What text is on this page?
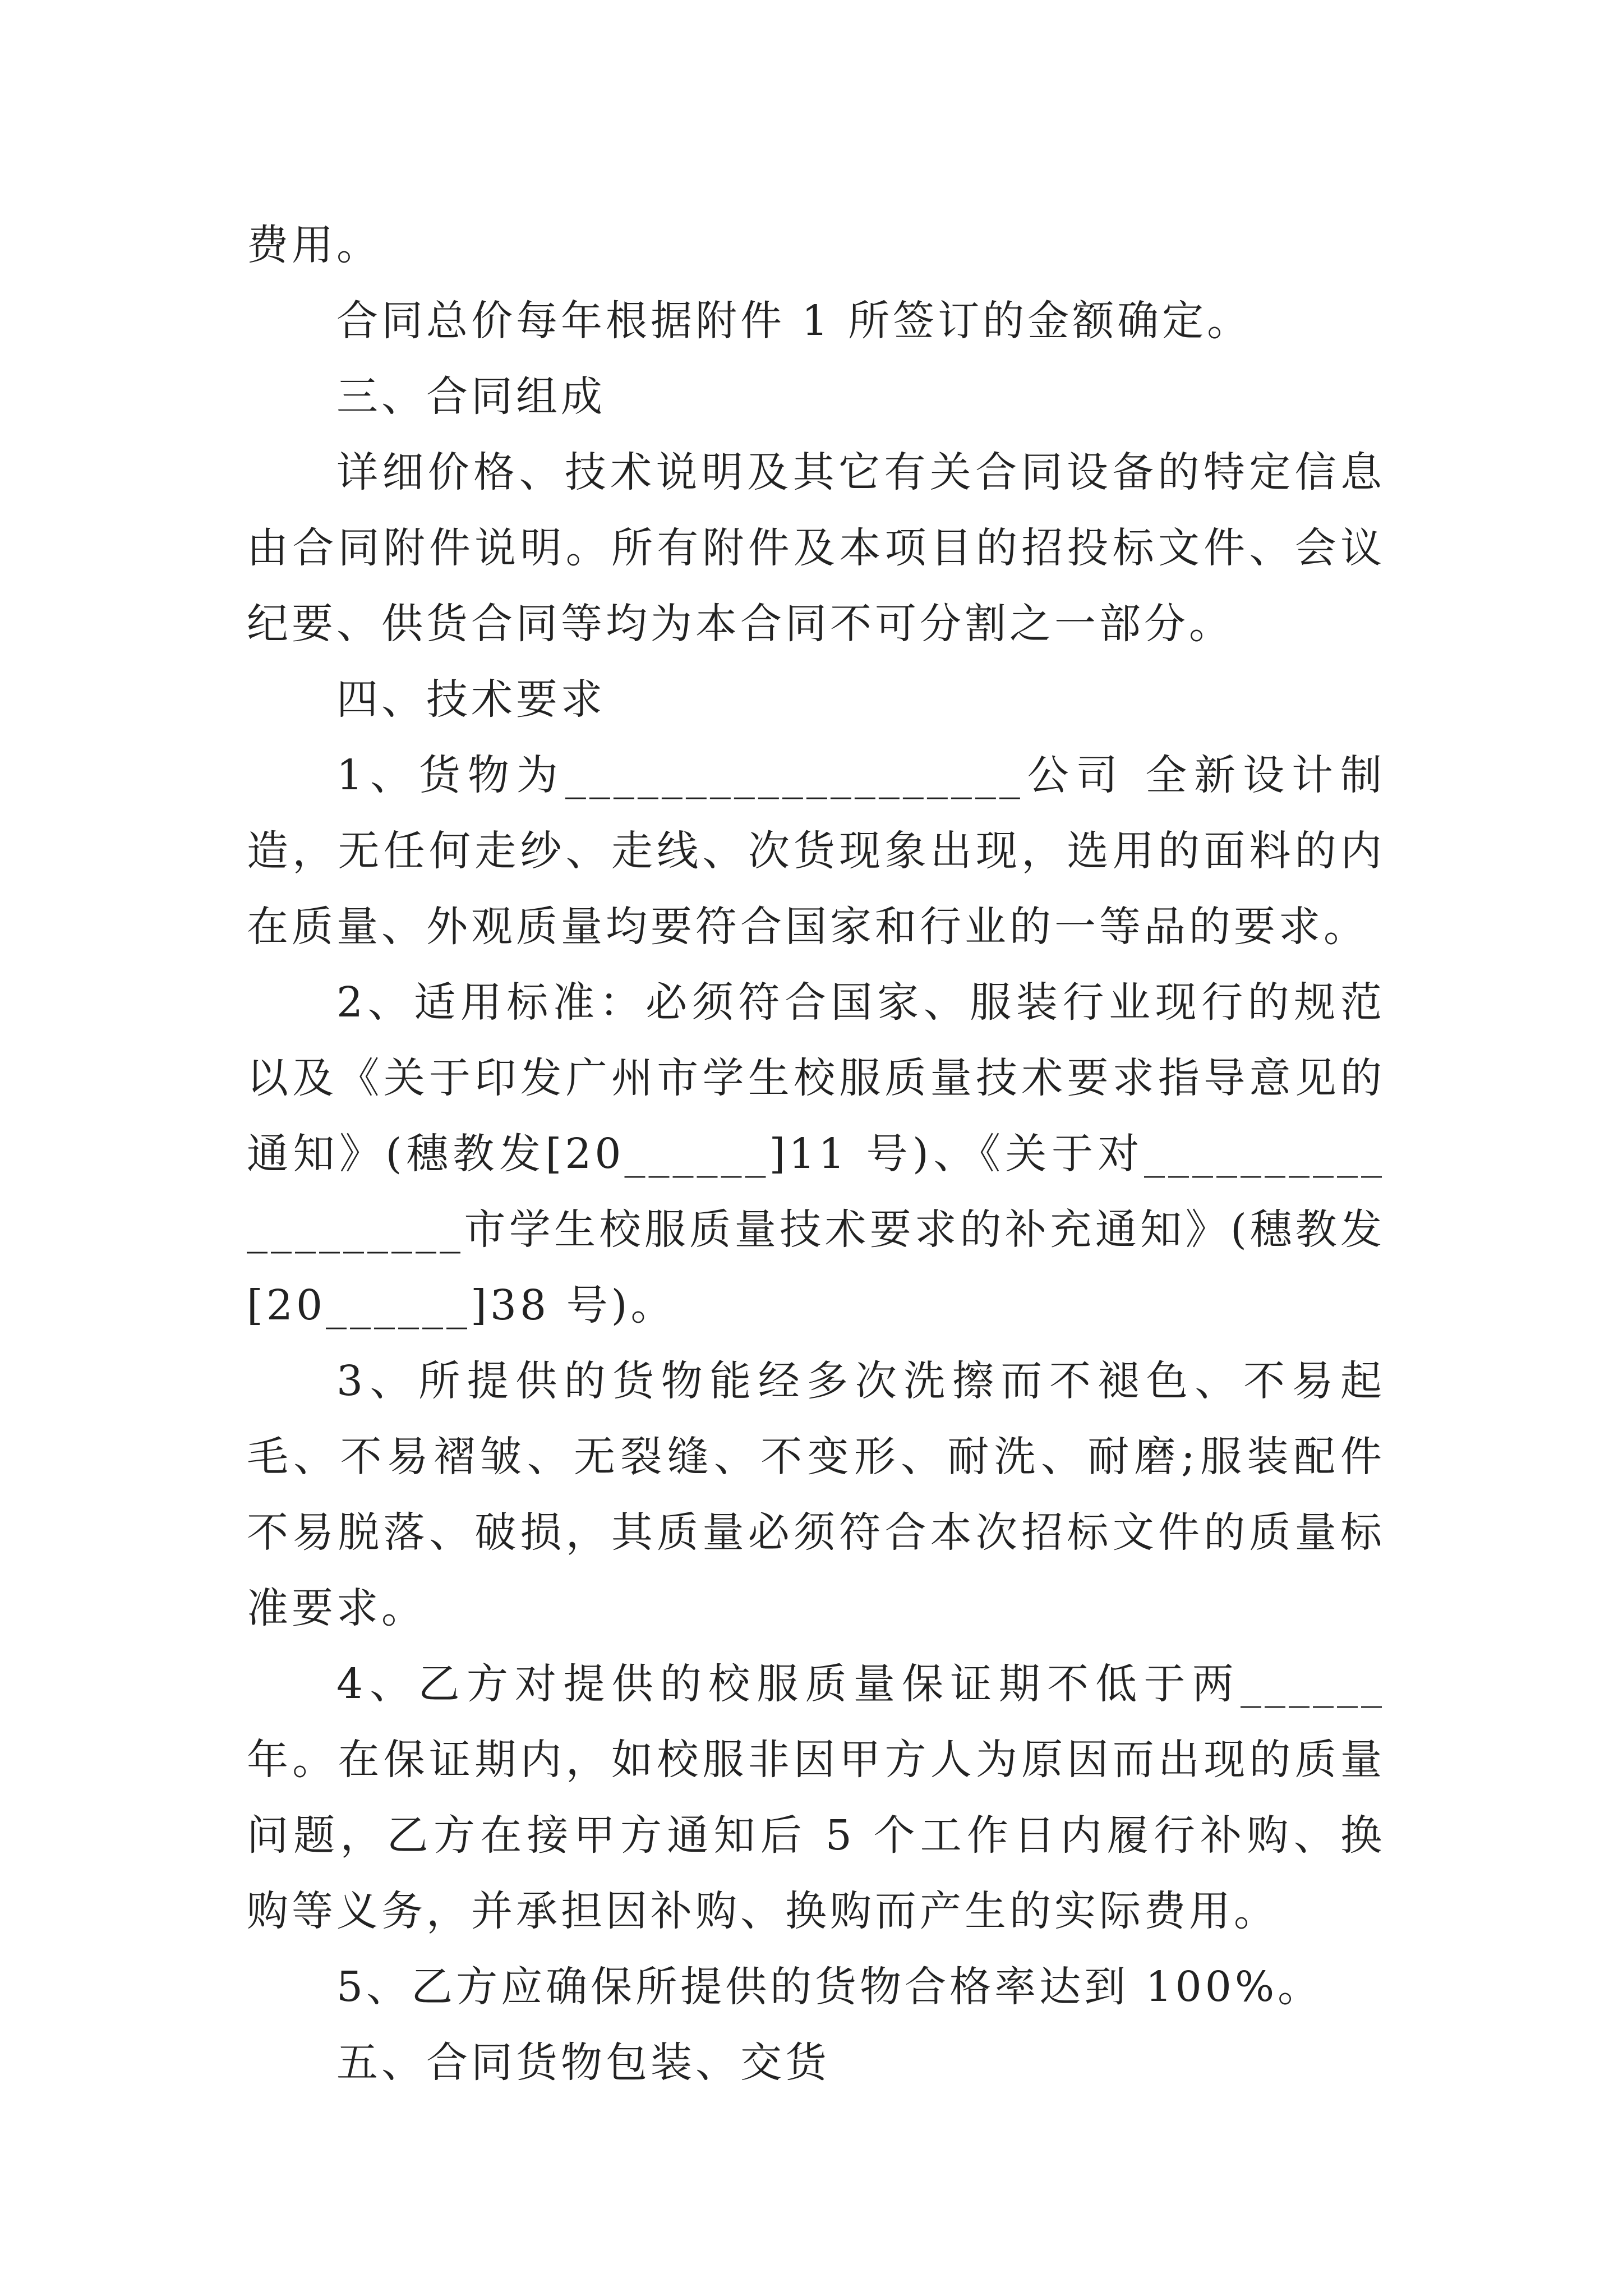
费用。

合同总价每年根据附件 1 所签订的金额确定。

三、合同组成

详细价格、技术说明及其它有关合同设备的特定信息由合同附件说明。所有附件及本项目的招投标文件、会议纪要、供货合同等均为本合同不可分割之一部分。

四、技术要求

1、货物为___________________公司 全新设计制造，无任何走纱、走线、次货现象出现，选用的面料的内在质量、外观质量均要符合国家和行业的一等品的要求。

2、适用标准：必须符合国家、服装行业现行的规范以及《关于印发广州市学生校服质量技术要求指导意见的通知》(穗教发[20______]11 号)、《关于对___________________市学生校服质量技术要求的补充通知》(穗教发[20______]38 号)。

3、所提供的货物能经多次洗擦而不褪色、不易起毛、不易褶皱、无裂缝、不变形、耐洗、耐磨;服装配件不易脱落、破损，其质量必须符合本次招标文件的质量标准要求。

4、乙方对提供的校服质量保证期不低于两______年。在保证期内，如校服非因甲方人为原因而出现的质量问题，乙方在接甲方通知后 5 个工作日内履行补购、换购等义务，并承担因补购、换购而产生的实际费用。

5、乙方应确保所提供的货物合格率达到 100%。

五、合同货物包装、交货
